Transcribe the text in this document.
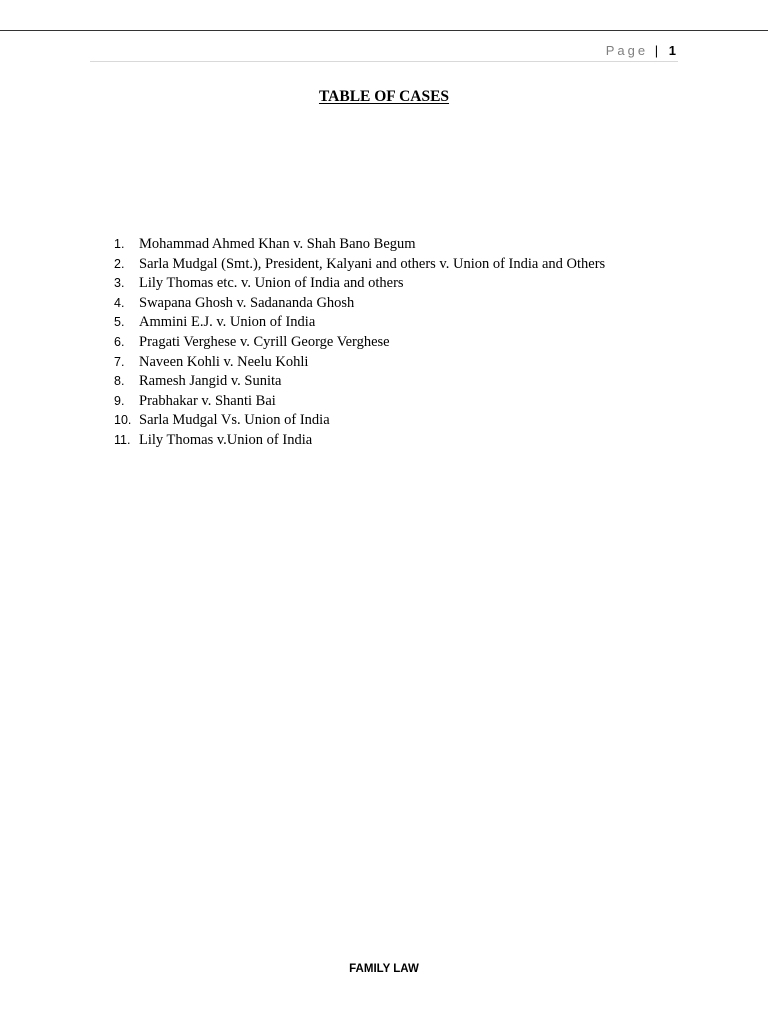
Page | 1
TABLE OF CASES
1.	Mohammad Ahmed Khan v. Shah Bano Begum
2.	Sarla Mudgal (Smt.), President, Kalyani and others v. Union of India and Others
3.	Lily Thomas etc. v. Union of India and others
4.	Swapana Ghosh v. Sadananda Ghosh
5.	Ammini E.J. v. Union of India
6.	Pragati Verghese v. Cyrill George Verghese
7.	Naveen Kohli v. Neelu Kohli
8.	Ramesh Jangid v. Sunita
9.	Prabhakar v. Shanti Bai
10. Sarla Mudgal Vs. Union of India
11. Lily Thomas v.Union of India
FAMILY LAW
